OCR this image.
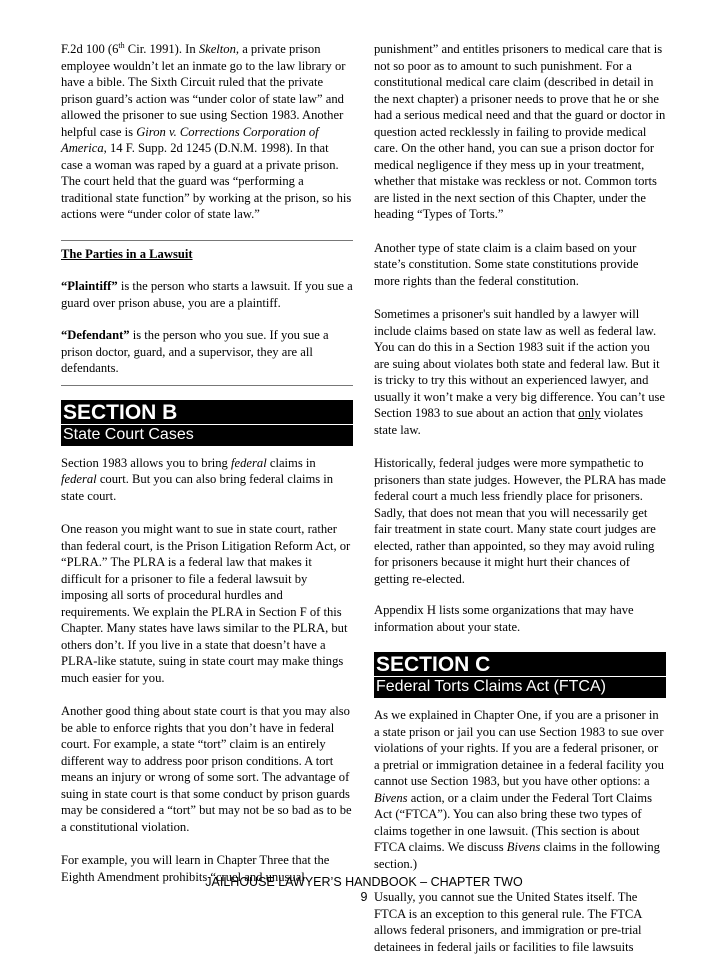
F.2d 100 (6th Cir. 1991). In Skelton, a private prison employee wouldn’t let an inmate go to the law library or have a bible. The Sixth Circuit ruled that the private prison guard’s action was “under color of state law” and allowed the prisoner to sue using Section 1983. Another helpful case is Giron v. Corrections Corporation of America, 14 F. Supp. 2d 1245 (D.N.M. 1998). In that case a woman was raped by a guard at a private prison. The court held that the guard was “performing a traditional state function” by working at the prison, so his actions were “under color of state law.”

The Parties in a Lawsuit

“Plaintiff” is the person who starts a lawsuit. If you sue a guard over prison abuse, you are a plaintiff.

“Defendant” is the person who you sue. If you sue a prison doctor, guard, and a supervisor, they are all defendants.

SECTION B
State Court Cases

Section 1983 allows you to bring federal claims in federal court. But you can also bring federal claims in state court.

One reason you might want to sue in state court, rather than federal court, is the Prison Litigation Reform Act, or “PLRA.” The PLRA is a federal law that makes it difficult for a prisoner to file a federal lawsuit by imposing all sorts of procedural hurdles and requirements. We explain the PLRA in Section F of this Chapter. Many states have laws similar to the PLRA, but others don’t. If you live in a state that doesn’t have a PLRA-like statute, suing in state court may make things much easier for you.

Another good thing about state court is that you may also be able to enforce rights that you don’t have in federal court. For example, a state “tort” claim is an entirely different way to address poor prison conditions. A tort means an injury or wrong of some sort. The advantage of suing in state court is that some conduct by prison guards may be considered a “tort” but may not be so bad as to be a constitutional violation.

For example, you will learn in Chapter Three that the Eighth Amendment prohibits “cruel and unusual

punishment” and entitles prisoners to medical care that is not so poor as to amount to such punishment. For a constitutional medical care claim (described in detail in the next chapter) a prisoner needs to prove that he or she had a serious medical need and that the guard or doctor in question acted recklessly in failing to provide medical care. On the other hand, you can sue a prison doctor for medical negligence if they mess up in your treatment, whether that mistake was reckless or not. Common torts are listed in the next section of this Chapter, under the heading “Types of Torts.”

Another type of state claim is a claim based on your state’s constitution. Some state constitutions provide more rights than the federal constitution.

Sometimes a prisoner's suit handled by a lawyer will include claims based on state law as well as federal law. You can do this in a Section 1983 suit if the action you are suing about violates both state and federal law. But it is tricky to try this without an experienced lawyer, and usually it won’t make a very big difference. You can’t use Section 1983 to sue about an action that only violates state law.

Historically, federal judges were more sympathetic to prisoners than state judges. However, the PLRA has made federal court a much less friendly place for prisoners. Sadly, that does not mean that you will necessarily get fair treatment in state court. Many state court judges are elected, rather than appointed, so they may avoid ruling for prisoners because it might hurt their chances of getting re-elected.

Appendix H lists some organizations that may have information about your state.

SECTION C
Federal Torts Claims Act (FTCA)

As we explained in Chapter One, if you are a prisoner in a state prison or jail you can use Section 1983 to sue over violations of your rights. If you are a federal prisoner, or a pretrial or immigration detainee in a federal facility you cannot use Section 1983, but you have other options: a Bivens action, or a claim under the Federal Tort Claims Act (“FTCA”). You can also bring these two types of claims together in one lawsuit. (This section is about FTCA claims. We discuss Bivens claims in the following section.)

Usually, you cannot sue the United States itself. The FTCA is an exception to this general rule. The FTCA allows federal prisoners, and immigration or pre-trial detainees in federal jails or facilities to file lawsuits

JAILHOUSE LAWYER’S HANDBOOK – CHAPTER TWO
9
